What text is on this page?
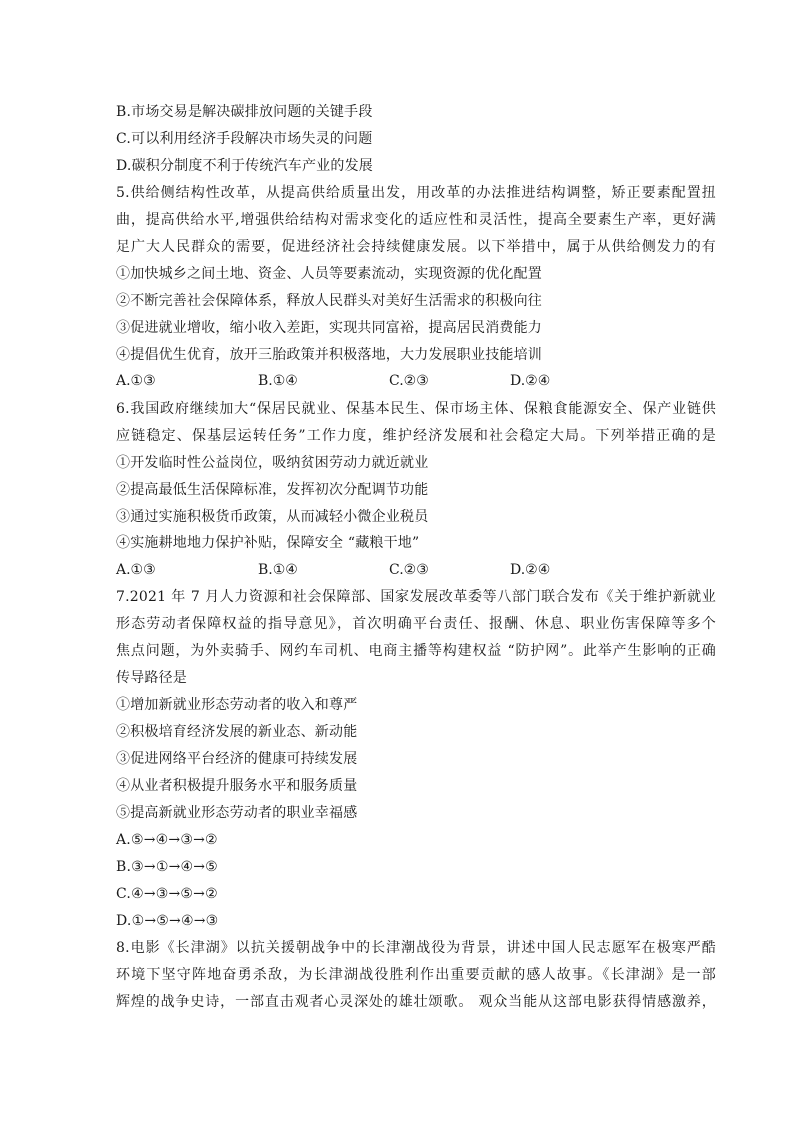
B.市场交易是解决碳排放问题的关键手段
C.可以利用经济手段解决市场失灵的问题
D.碳积分制度不利于传统汽车产业的发展
5.供给侧结构性改革，从提高供给质量出发，用改革的办法推进结构调整，矫正要素配置扭
曲，提高供给水平,增强供给结构对需求变化的适应性和灵活性，提高全要素生产率，更好满
足广大人民群众的需要，促进经济社会持续健康发展。以下举措中，属于从供给侧发力的有
①加快城乡之间土地、资金、人员等要素流动，实现资源的优化配置
②不断完善社会保障体系，释放人民群头对美好生活需求的积极向往
③促进就业增收，缩小收入差距，实现共同富裕，提高居民消费能力
④提倡优生优育，放开三胎政策并积极落地，大力发展职业技能培训
A.①③	B.①④	C.②③	D.②④
6.我国政府继续加大“保居民就业、保基本民生、保市场主体、保粮食能源安全、保产业链供
应链稳定、保基层运转任务”工作力度，维护经济发展和社会稳定大局。下列举措正确的是
①开发临时性公益岗位，吸纳贫困劳动力就近就业
②提高最低生活保障标准，发挥初次分配调节功能
③通过实施积极货币政策，从而减轻小微企业税员
④实施耕地地力保护补贴，保障安全 “藏粮干地”
A.①③	B.①④	C.②③	D.②④
7.2021 年 7 月人力资源和社会保障部、国家发展改革委等八部门联合发布《关于维护新就业
形态劳动者保障权益的指导意见》，首次明确平台责任、报酬、休息、职业伤害保障等多个
焦点问题，为外卖骑手、网约车司机、电商主播等构建权益 “防护网”。此举产生影响的正确
传导路径是
①增加新就业形态劳动者的收入和尊严
②积极培育经济发展的新业态、新动能
③促进网络平台经济的健康可持续发展
④从业者积极提升服务水平和服务质量
⑤提高新就业形态劳动者的职业幸福感
A.⑤→④→③→②
B.③→①→④→⑤
C.④→③→⑤→②
D.①→⑤→④→③
8.电影《长津湖》以抗关援朝战争中的长津潮战役为背景，讲述中国人民志愿军在极寒严酷
环境下坚守阵地奋勇杀敌，为长津湖战役胜利作出重要贡献的感人故事。《长津湖》是一部
辉煌的战争史诗，一部直击观者心灵深处的雄壮颂歌。 观众当能从这部电影获得情感激养，
